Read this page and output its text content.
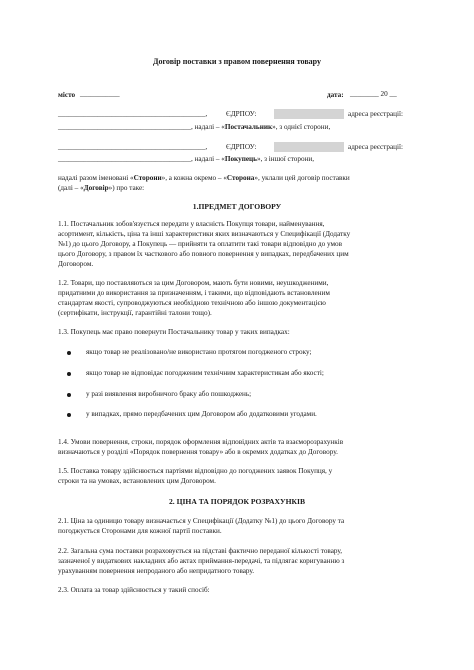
Договір поставки з правом повернення товару
місто ___________	дата: ________ 20 __
_________________________________________,	ЄДРПОУ:	адреса реєстрації:
_____________________________________, надалі – «Постачальник», з однієї сторони,
_________________________________________,	ЄДРПОУ:	адреса реєстрації:
_____________________________________, надалі – «Покупець», з іншої сторони,
надалі разом іменовані «Сторони», а кожна окремо – «Сторона», уклали цей договір поставки
(далі – «Договір») про таке:
1.ПРЕДМЕТ ДОГОВОРУ
1.1. Постачальник зобов'язується передати у власність Покупця товари, найменування,
асортимент, кількість, ціна та інші характеристики яких визначаються у Специфікації (Додатку
№1) до цього Договору, а Покупець — прийняти та оплатити такі товари відповідно до умов
цього Договору, з правом їх часткового або повного повернення у випадках, передбачених цим
Договором.
1.2. Товари, що поставляються за цим Договором, мають бути новими, неушкодженими,
придатними до використання за призначенням, і такими, що відповідають встановленим
стандартам якості, супроводжуються необхідною технічною або іншою документацією
(сертифікати, інструкції, гарантійні талони тощо).
1.3. Покупець має право повернути Постачальнику товар у таких випадках:
якщо товар не реалізовано/не використано протягом погодженого строку;
якщо товар не відповідає погодженим технічним характеристикам або якості;
у разі виявлення виробничого браку або пошкоджень;
у випадках, прямо передбачених цим Договором або додатковими угодами.
1.4. Умови повернення, строки, порядок оформлення відповідних актів та взаєморозрахунків
визначаються у розділі «Порядок повернення товару» або в окремих додатках до Договору.
1.5. Поставка товару здійснюється партіями відповідно до погоджених заявок Покупця, у
строки та на умовах, встановлених цим Договором.
2. ЦІНА ТА ПОРЯДОК РОЗРАХУНКІВ
2.1. Ціна за одиницю товару визначається у Специфікації (Додатку №1) до цього Договору та
погоджується Сторонами для кожної партії поставки.
2.2. Загальна сума поставки розраховується на підставі фактично переданої кількості товару,
зазначеної у видаткових накладних або актах приймання-передачі, та підлягає коригуванню з
урахуванням повернення непроданого або непридатного товару.
2.3. Оплата за товар здійснюється у такий спосіб:
